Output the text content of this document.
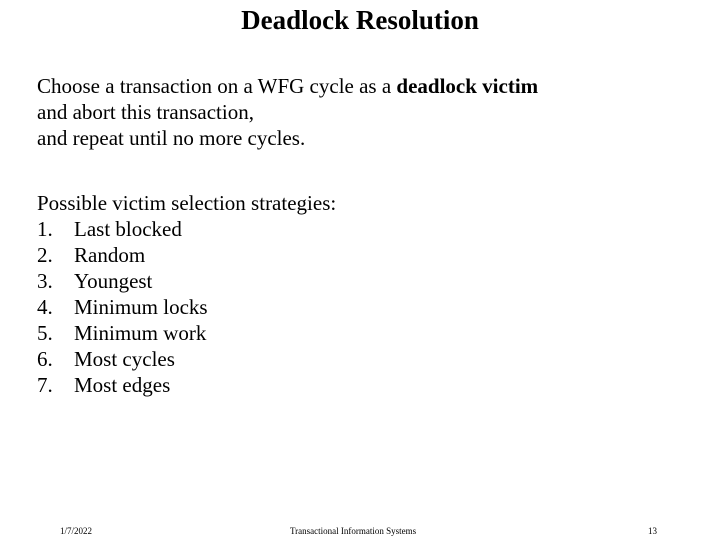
Deadlock Resolution
Choose a transaction on a WFG cycle as a deadlock victim
and abort this transaction,
and repeat until no more cycles.
Possible victim selection strategies:
1.	Last blocked
2.	Random
3.	Youngest
4.	Minimum locks
5.	Minimum work
6.	Most cycles
7.	Most edges
1/7/2022	Transactional Information Systems	13
